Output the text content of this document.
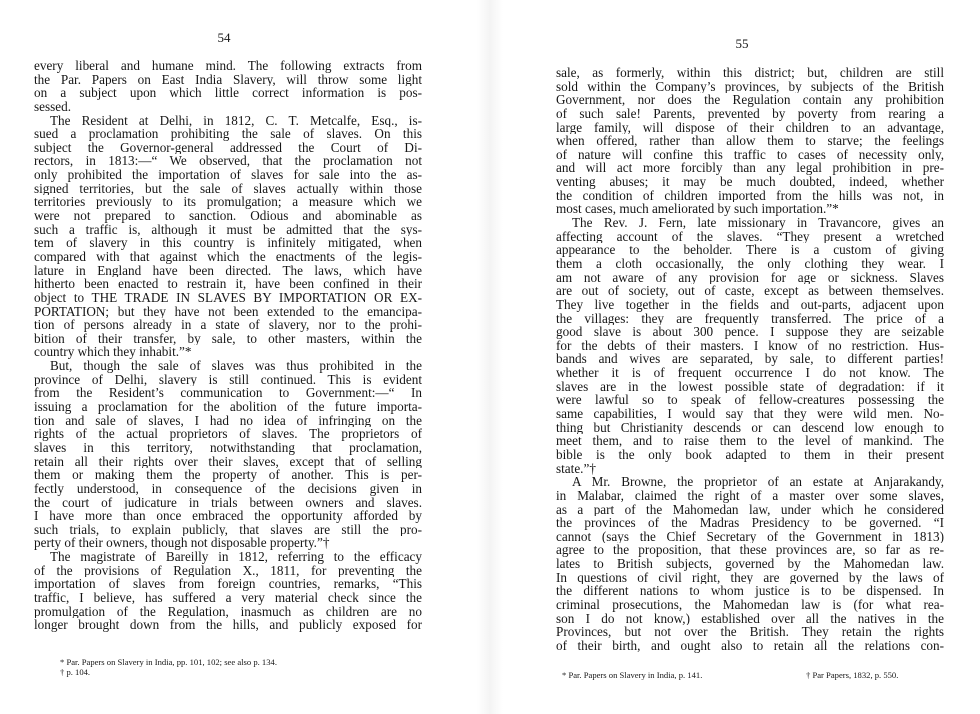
54
every liberal and humane mind. The following extracts from
the Par. Papers on East India Slavery, will throw some light
on a subject upon which little correct information is pos-
sessed.
The Resident at Delhi, in 1812, C. T. Metcalfe, Esq., is-
sued a proclamation prohibiting the sale of slaves. On this
subject the Governor-general addressed the Court of Di-
rectors, in 1813:—“ We observed, that the proclamation not
only prohibited the importation of slaves for sale into the as-
signed territories, but the sale of slaves actually within those
territories previously to its promulgation; a measure which we
were not prepared to sanction. Odious and abominable as
such a traffic is, although it must be admitted that the sys-
tem of slavery in this country is infinitely mitigated, when
compared with that against which the enactments of the legis-
lature in England have been directed. The laws, which have
hitherto been enacted to restrain it, have been confined in their
object to THE TRADE IN SLAVES BY IMPORTATION OR EX-
PORTATION; but they have not been extended to the emancipa-
tion of persons already in a state of slavery, nor to the prohi-
bition of their transfer, by sale, to other masters, within the
country which they inhabit.”*
But, though the sale of slaves was thus prohibited in the
province of Delhi, slavery is still continued. This is evident
from the Resident’s communication to Government:—“ In
issuing a proclamation for the abolition of the future importa-
tion and sale of slaves, I had no idea of infringing on the
rights of the actual proprietors of slaves. The proprietors of
slaves in this territory, notwithstanding that proclamation,
retain all their rights over their slaves, except that of selling
them or making them the property of another. This is per-
fectly understood, in consequence of the decisions given in
the court of judicature in trials between owners and slaves.
I have more than once embraced the opportunity afforded by
such trials, to explain publicly, that slaves are still the pro-
perty of their owners, though not disposable property.”†
The magistrate of Bareilly in 1812, referring to the efficacy
of the provisions of Regulation X., 1811, for preventing the
importation of slaves from foreign countries, remarks, “This
traffic, I believe, has suffered a very material check since the
promulgation of the Regulation, inasmuch as children are no
longer brought down from the hills, and publicly exposed for
* Par. Papers on Slavery in India, pp. 101, 102; see also p. 134.
† p. 104.
55
sale, as formerly, within this district; but, children are still
sold within the Company’s provinces, by subjects of the British
Government, nor does the Regulation contain any prohibition
of such sale! Parents, prevented by poverty from rearing a
large family, will dispose of their children to an advantage,
when offered, rather than allow them to starve; the feelings
of nature will confine this traffic to cases of necessity only,
and will act more forcibly than any legal prohibition in pre-
venting abuses; it may be much doubted, indeed, whether
the condition of children imported from the hills was not, in
most cases, much ameliorated by such importation.”*
The Rev. J. Fern, late missionary in Travancore, gives an
affecting account of the slaves. “They present a wretched
appearance to the beholder. There is a custom of giving
them a cloth occasionally, the only clothing they wear. I
am not aware of any provision for age or sickness. Slaves
are out of society, out of caste, except as between themselves.
They live together in the fields and out-parts, adjacent upon
the villages: they are frequently transferred. The price of a
good slave is about 300 pence. I suppose they are seizable
for the debts of their masters. I know of no restriction. Hus-
bands and wives are separated, by sale, to different parties!
whether it is of frequent occurrence I do not know. The
slaves are in the lowest possible state of degradation: if it
were lawful so to speak of fellow-creatures possessing the
same capabilities, I would say that they were wild men. No-
thing but Christianity descends or can descend low enough to
meet them, and to raise them to the level of mankind. The
bible is the only book adapted to them in their present
state.”†
A Mr. Browne, the proprietor of an estate at Anjarakandy,
in Malabar, claimed the right of a master over some slaves,
as a part of the Mahomedan law, under which he considered
the provinces of the Madras Presidency to be governed. “I
cannot (says the Chief Secretary of the Government in 1813)
agree to the proposition, that these provinces are, so far as re-
lates to British subjects, governed by the Mahomedan law.
In questions of civil right, they are governed by the laws of
the different nations to whom justice is to be dispensed. In
criminal prosecutions, the Mahomedan law is (for what rea-
son I do not know,) established over all the natives in the
Provinces, but not over the British. They retain the rights
of their birth, and ought also to retain all the relations con-
* Par. Papers on Slavery in India, p. 141.	† Par Papers, 1832, p. 550.
